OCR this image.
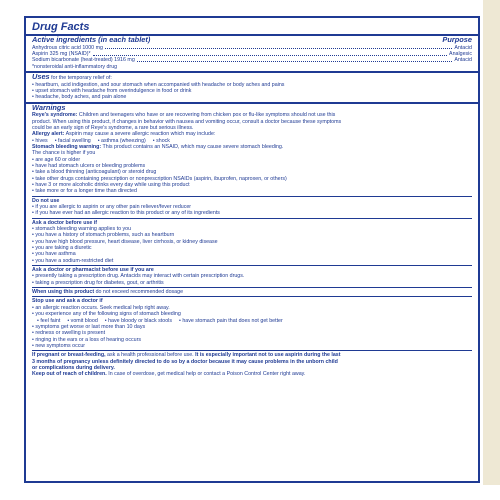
Drug Facts
Active ingredients (in each tablet)	Purpose
Anhydrous citric acid 1000 mg	Antacid
Aspirin 325 mg (NSAID)*	Analgesic
Sodium bicarbonate (heat-treated) 1916 mg	Antacid
*nonsteroidal anti-inflammatory drug
Uses for the temporary relief of:
• heartburn, acid indigestion, and sour stomach when accompanied with headache or body aches and pains
• upset stomach with headache from overindulgence in food or drink
• headache, body aches, and pain alone
Warnings
Reye's syndrome: Children and teenagers who have or are recovering from chicken pox or flu-like symptoms should not use this
product. When using this product, if changes in behavior with nausea and vomiting occur, consult a doctor because these symptoms
could be an early sign of Reye's syndrome, a rare but serious illness.
Allergy alert: Aspirin may cause a severe allergic reaction which may include:
• hives • facial swelling • asthma (wheezing) • shock
Stomach bleeding warning: This product contains an NSAID, which may cause severe stomach bleeding.
The chance is higher if you
• are age 60 or older
• have had stomach ulcers or bleeding problems
• take a blood thinning (anticoagulant) or steroid drug
• take other drugs containing prescription or nonprescription NSAIDs (aspirin, ibuprofen, naproxen, or others)
• have 3 or more alcoholic drinks every day while using this product
• take more or for a longer time than directed
Do not use
• if you are allergic to aspirin or any other pain reliever/fever reducer
• if you have ever had an allergic reaction to this product or any of its ingredients
Ask a doctor before use if
• stomach bleeding warning applies to you
• you have a history of stomach problems, such as heartburn
• you have high blood pressure, heart disease, liver cirrhosis, or kidney disease
• you are taking a diuretic
• you have asthma
• you have a sodium-restricted diet
Ask a doctor or pharmacist before use if you are
• presently taking a prescription drug. Antacids may interact with certain prescription drugs.
• taking a prescription drug for diabetes, gout, or arthritis
When using this product do not exceed recommended dosage
Stop use and ask a doctor if
• an allergic reaction occurs. Seek medical help right away.
• you experience any of the following signs of stomach bleeding
• feel faint • vomit blood • have bloody or black stools • have stomach pain that does not get better
• symptoms get worse or last more than 10 days
• redness or swelling is present
• ringing in the ears or a loss of hearing occurs
• new symptoms occur
If pregnant or breast-feeding, ask a health professional before use. It is especially important not to use aspirin during the last
3 months of pregnancy unless definitely directed to do so by a doctor because it may cause problems in the unborn child
or complications during delivery.
Keep out of reach of children. In case of overdose, get medical help or contact a Poison Control Center right away.
